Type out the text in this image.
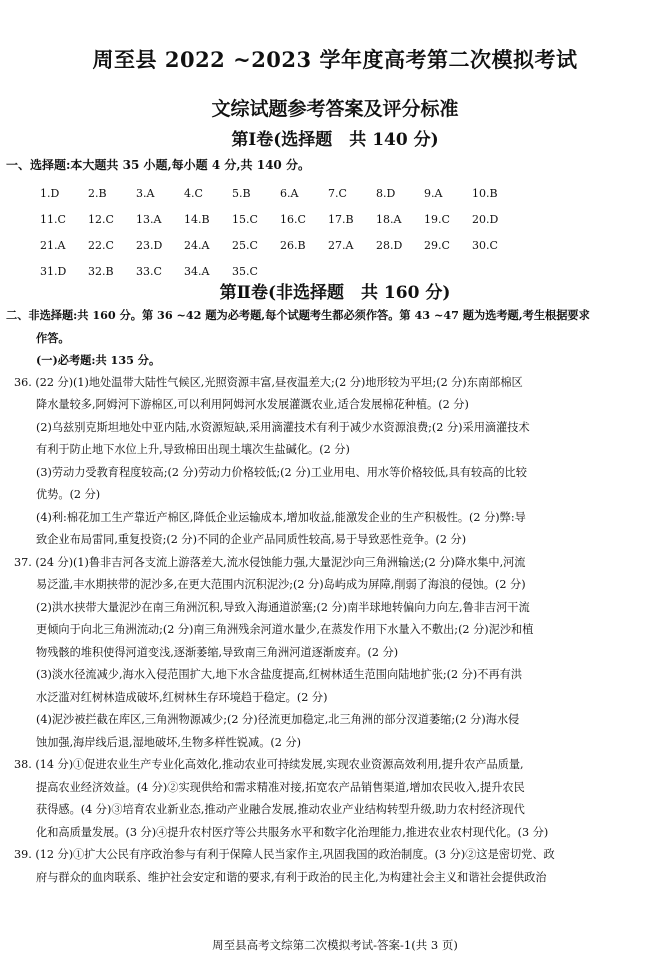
周至县 2022 ~2023 学年度高考第二次模拟考试
文综试题参考答案及评分标准
第Ⅰ卷(选择题　共 140 分)
一、选择题:本大题共 35 小题,每小题 4 分,共 140 分。
1.D	2.B	3.A	4.C	5.B	6.A	7.C	8.D	9.A	10.B
11.C	12.C	13.A	14.B	15.C	16.C	17.B	18.A	19.C	20.D
21.A	22.C	23.D	24.A	25.C	26.B	27.A	28.D	29.C	30.C
31.D	32.B	33.C	34.A	35.C
第Ⅱ卷(非选择题　共 160 分)

二、非选择题:共 160 分。第 36 ~42 题为必考题,每个试题考生都必须作答。第 43 ~47 题为选考题,考生根据要求

作答。

(一)必考题:共 135 分。

36. (22 分)(1)地处温带大陆性气候区,光照资源丰富,昼夜温差大;(2 分)地形较为平坦;(2 分)东南部棉区

降水量较多,阿姆河下游棉区,可以利用阿姆河水发展灌溉农业,适合发展棉花种植。(2 分)

(2)乌兹别克斯坦地处中亚内陆,水资源短缺,采用滴灌技术有利于减少水资源浪费;(2 分)采用滴灌技术

有利于防止地下水位上升,导致棉田出现土壤次生盐碱化。(2 分)

(3)劳动力受教育程度较高;(2 分)劳动力价格较低;(2 分)工业用电、用水等价格较低,具有较高的比较

优势。(2 分)

(4)利:棉花加工生产靠近产棉区,降低企业运输成本,增加收益,能激发企业的生产积极性。(2 分)弊:导

致企业布局雷同,重复投资;(2 分)不同的企业产品同质性较高,易于导致恶性竞争。(2 分)

37. (24 分)(1)鲁非吉河各支流上游落差大,流水侵蚀能力强,大量泥沙向三角洲输送;(2 分)降水集中,河流

易泛滥,丰水期挟带的泥沙多,在更大范围内沉积泥沙;(2 分)岛屿成为屏障,削弱了海浪的侵蚀。(2 分)

(2)洪水挟带大量泥沙在南三角洲沉积,导致入海通道淤塞;(2 分)南半球地转偏向力向左,鲁非吉河干流

更倾向于向北三角洲流动;(2 分)南三角洲残余河道水量少,在蒸发作用下水量入不敷出;(2 分)泥沙和植

物残骸的堆积使得河道变浅,逐渐萎缩,导致南三角洲河道逐渐废弃。(2 分)

(3)淡水径流减少,海水入侵范围扩大,地下水含盐度提高,红树林适生范围向陆地扩张;(2 分)不再有洪

水泛滥对红树林造成破坏,红树林生存环境趋于稳定。(2 分)

(4)泥沙被拦截在库区,三角洲物源减少;(2 分)径流更加稳定,北三角洲的部分汊道萎缩;(2 分)海水侵

蚀加强,海岸线后退,湿地破坏,生物多样性锐减。(2 分)

38. (14 分)①促进农业生产专业化高效化,推动农业可持续发展,实现农业资源高效利用,提升农产品质量,

提高农业经济效益。(4 分)②实现供给和需求精准对接,拓宽农产品销售渠道,增加农民收入,提升农民

获得感。(4 分)③培育农业新业态,推动产业融合发展,推动农业产业结构转型升级,助力农村经济现代

化和高质量发展。(3 分)④提升农村医疗等公共服务水平和数字化治理能力,推进农业农村现代化。(3 分)

39. (12 分)①扩大公民有序政治参与有利于保障人民当家作主,巩固我国的政治制度。(3 分)②这是密切党、政

府与群众的血肉联系、维护社会安定和谐的要求,有利于政治的民主化,为构建社会主义和谐社会提供政治

周至县高考文综第二次模拟考试-答案-1(共 3 页)
